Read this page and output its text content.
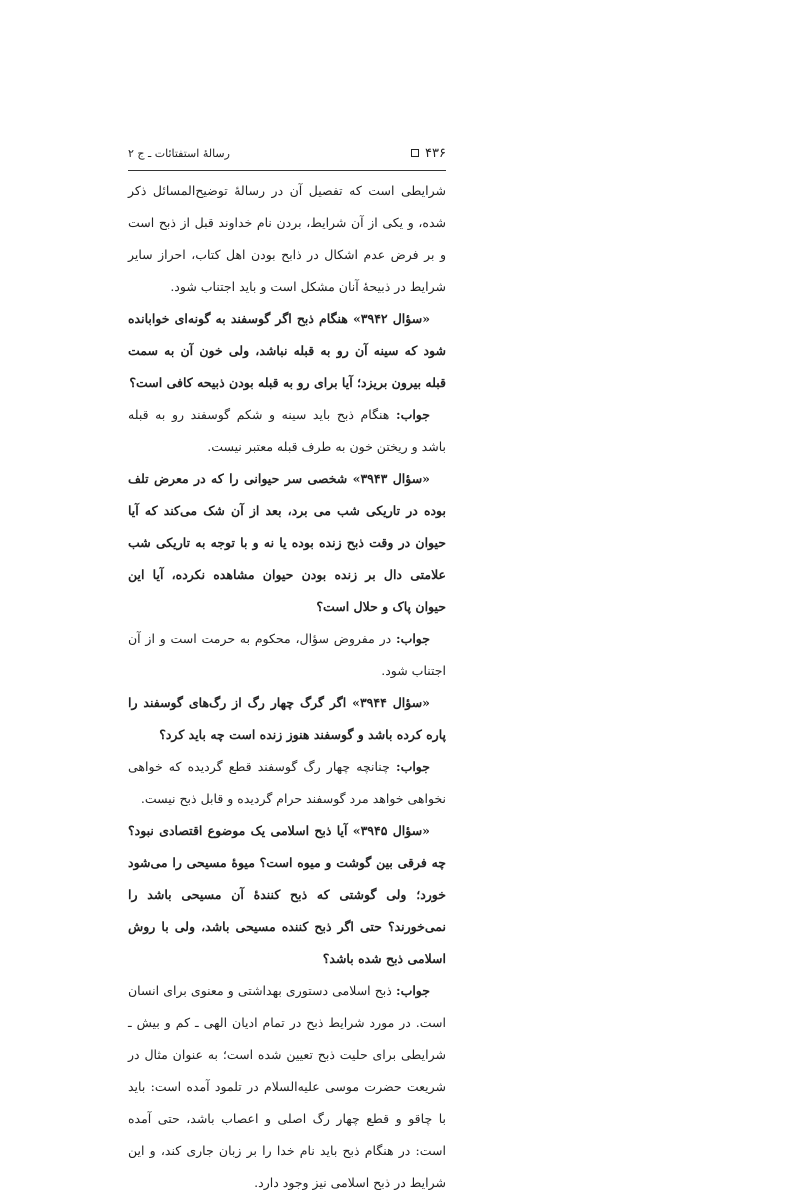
۴۳۶
رسالۀ استفتائات ـ ج ۲

شرایطی است که تفصیل آن در رسالۀ توضیح‌المسائل ذکر شده، و یکی از آن شرایط، بردن نام خداوند قبل از ذبح است و بر فرض عدم اشکال در ذابح بودن اهل کتاب، احراز سایر شرایط در ذبیحۀ آنان مشکل است و باید اجتناب شود.

«سؤال ۳۹۴۲» هنگام ذبح اگر گوسفند به گونه‌ای خوابانده شود که سینه آن رو به قبله نباشد، ولی خون آن به سمت قبله بیرون بریزد؛ آیا برای رو به قبله بودن ذبیحه کافی است؟

جواب: هنگام ذبح باید سینه و شکم گوسفند رو به قبله باشد و ریختن خون به طرف قبله معتبر نیست.

«سؤال ۳۹۴۳» شخصی سر حیوانی را که در معرض تلف بوده در تاریکی شب می برد، بعد از آن شک می‌کند که آیا حیوان در وقت ذبح زنده بوده یا نه و با توجه به تاریکی شب علامتی دال بر زنده بودن حیوان مشاهده نکرده، آیا این حیوان پاک و حلال است؟

جواب: در مفروض سؤال، محکوم به حرمت است و از آن اجتناب شود.

«سؤال ۳۹۴۴» اگر گرگ چهار رگ از رگ‌های گوسفند را پاره کرده باشد و گوسفند هنوز زنده است چه باید کرد؟

جواب: چنانچه چهار رگ گوسفند قطع گردیده که خواهی نخواهی خواهد مرد گوسفند حرام گردیده و قابل ذبح نیست.

«سؤال ۳۹۴۵» آیا ذبح اسلامی یک موضوع اقتصادی نبود؟ چه فرقی بین گوشت و میوه است؟ میوۀ مسیحی را می‌شود خورد؛ ولی گوشتی که ذبح کنندۀ آن مسیحی باشد را نمی‌خورند؟ حتی اگر ذبح کننده مسیحی باشد، ولی با روش اسلامی ذبح شده باشد؟

جواب: ذبح اسلامی دستوری بهداشتی و معنوی برای انسان است. در مورد شرایط ذبح در تمام ادیان الهی ـ کم و بیش ـ شرایطی برای حلیت ذبح تعیین شده است؛ به عنوان مثال در شریعت حضرت موسی علیه‌السلام در تلمود آمده است: باید با چاقو و قطع چهار رگ اصلی و اعصاب باشد، حتی آمده است: در هنگام ذبح باید نام خدا را بر زبان جاری کند، و این شرایط در ذبح اسلامی نیز وجود دارد.
